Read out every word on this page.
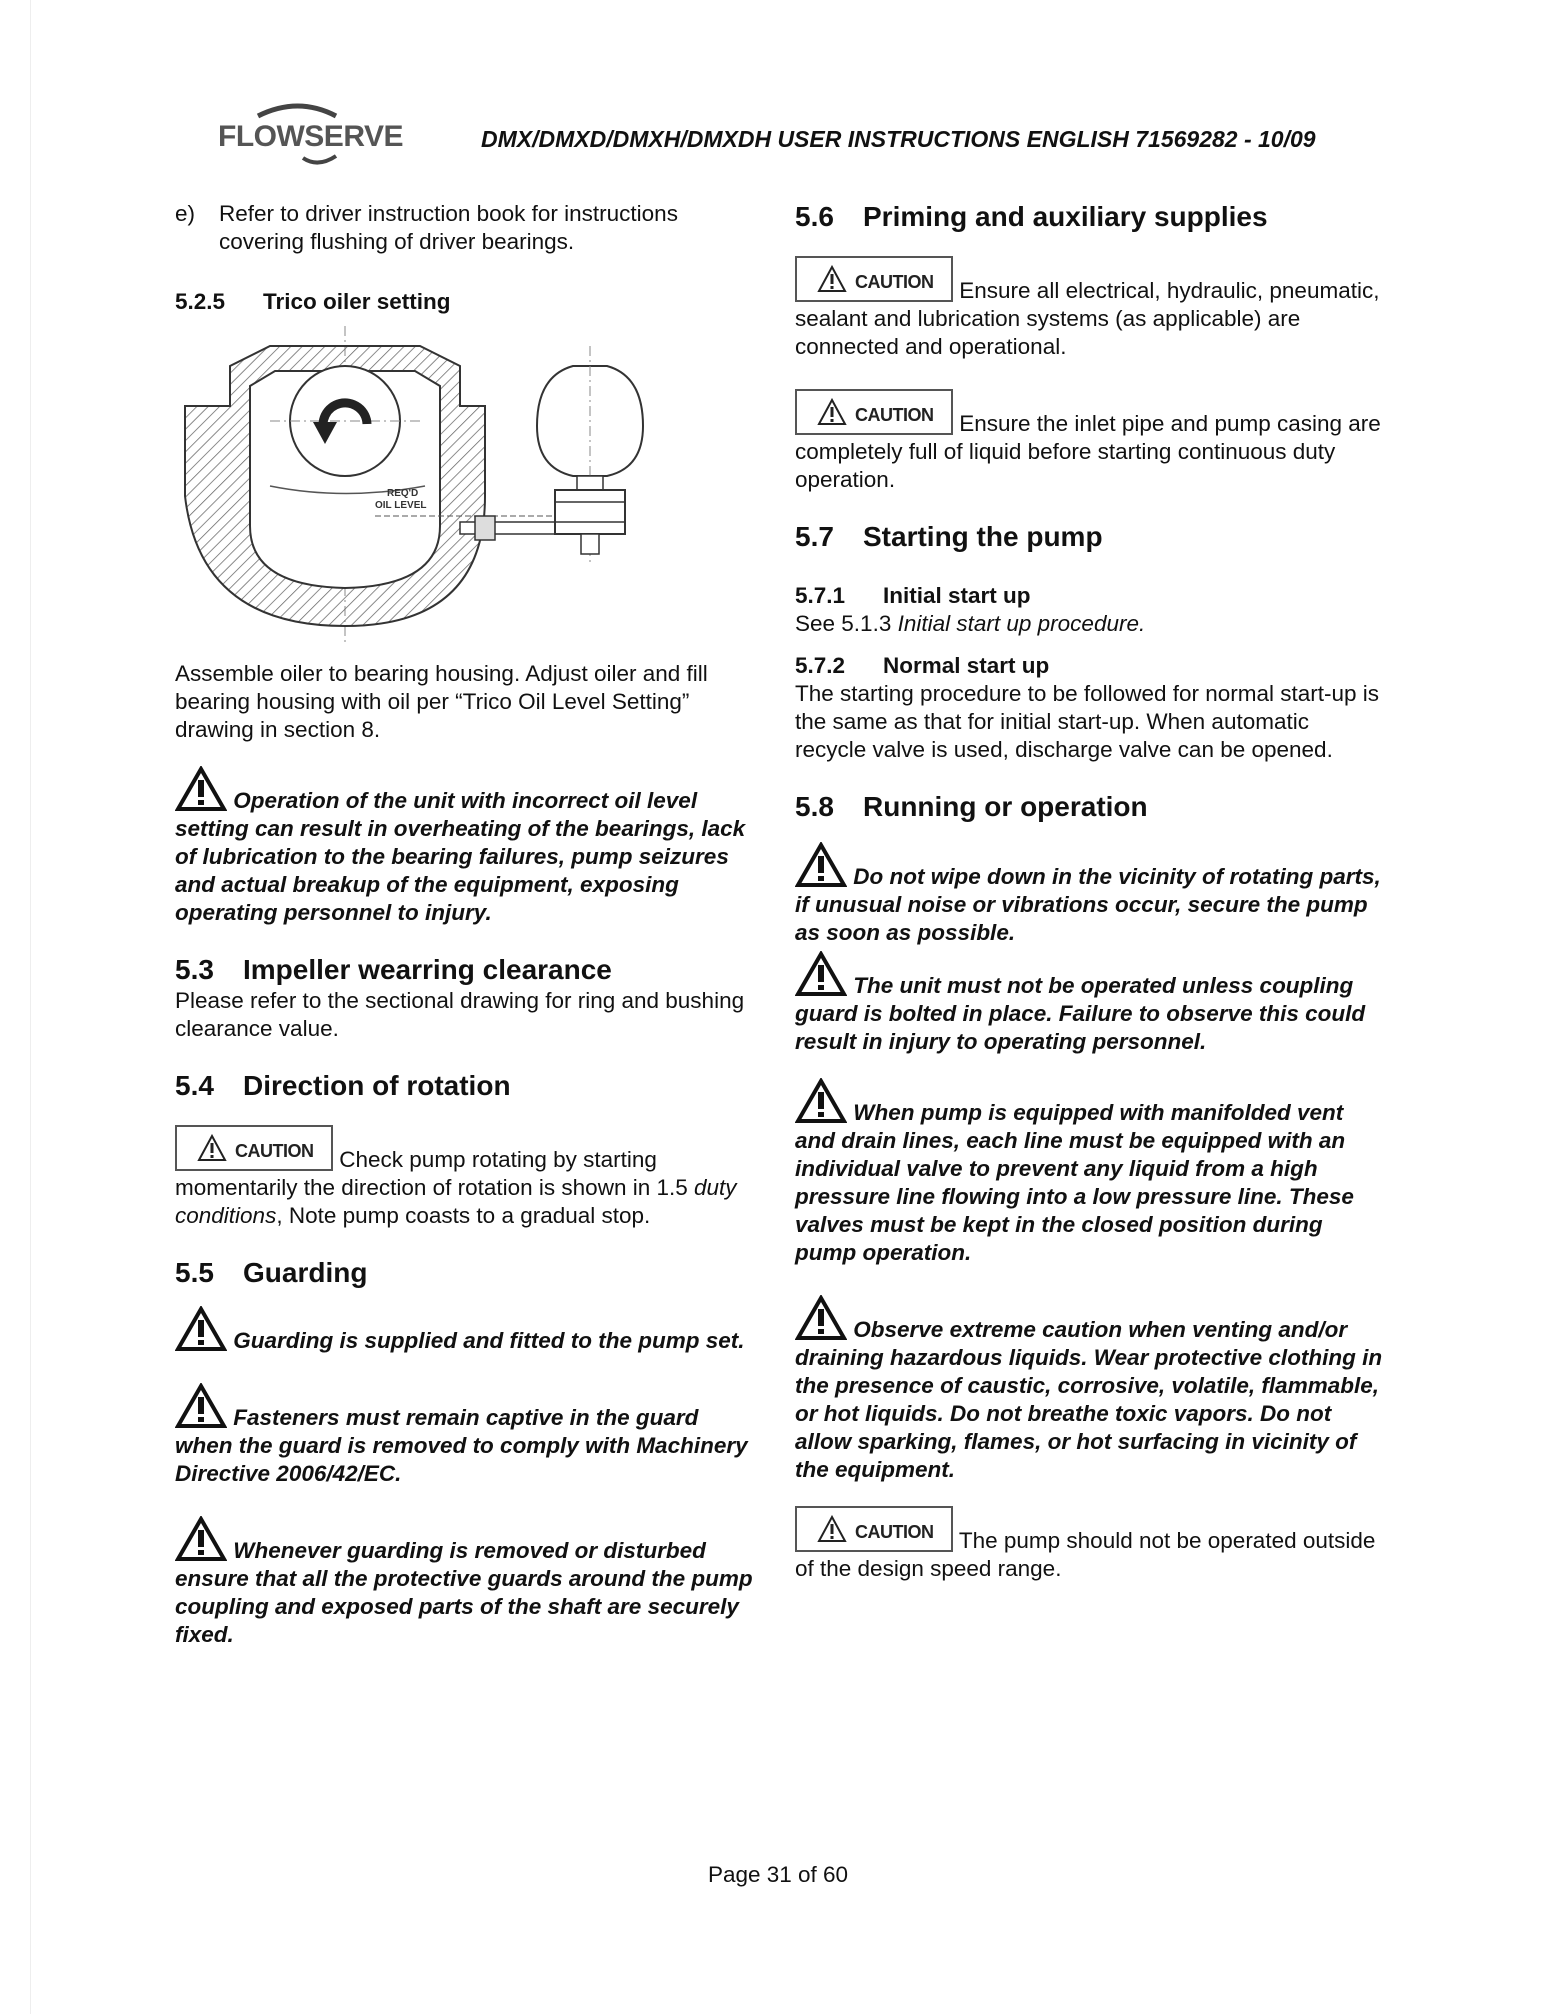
FLOWSERVE	DMX/DMXD/DMXH/DMXDH USER INSTRUCTIONS ENGLISH 71569282 - 10/09
e)	Refer to driver instruction book for instructions covering flushing of driver bearings.

5.2.5 Trico oiler setting

REQ'D
OIL LEVEL

Assemble oiler to bearing housing. Adjust oiler and fill bearing housing with oil per “Trico Oil Level Setting” drawing in section 8.

Operation of the unit with incorrect oil level setting can result in overheating of the bearings, lack of lubrication to the bearing failures, pump seizures and actual breakup of the equipment, exposing operating personnel to injury.

5.3 Impeller wearring clearance

Please refer to the sectional drawing for ring and bushing clearance value.

5.4 Direction of rotation

CAUTION Check pump rotating by starting momentarily the direction of rotation is shown in 1.5 duty conditions, Note pump coasts to a gradual stop.

5.5 Guarding

Guarding is supplied and fitted to the pump set.

Fasteners must remain captive in the guard when the guard is removed to comply with Machinery Directive 2006/42/EC.

Whenever guarding is removed or disturbed ensure that all the protective guards around the pump coupling and exposed parts of the shaft are securely fixed.

5.6 Priming and auxiliary supplies

CAUTION Ensure all electrical, hydraulic, pneumatic, sealant and lubrication systems (as applicable) are connected and operational.

CAUTION Ensure the inlet pipe and pump casing are completely full of liquid before starting continuous duty operation.

5.7 Starting the pump

5.7.1 Initial start up

See 5.1.3 Initial start up procedure.

5.7.2 Normal start up

The starting procedure to be followed for normal start-up is the same as that for initial start-up. When automatic recycle valve is used, discharge valve can be opened.

5.8 Running or operation

Do not wipe down in the vicinity of rotating parts, if unusual noise or vibrations occur, secure the pump as soon as possible.

The unit must not be operated unless coupling guard is bolted in place. Failure to observe this could result in injury to operating personnel.

When pump is equipped with manifolded vent and drain lines, each line must be equipped with an individual valve to prevent any liquid from a high pressure line flowing into a low pressure line. These valves must be kept in the closed position during pump operation.

Observe extreme caution when venting and/or draining hazardous liquids. Wear protective clothing in the presence of caustic, corrosive, volatile, flammable, or hot liquids. Do not breathe toxic vapors. Do not allow sparking, flames, or hot surfacing in vicinity of the equipment.

CAUTION The pump should not be operated outside of the design speed range.

Page 31 of 60
